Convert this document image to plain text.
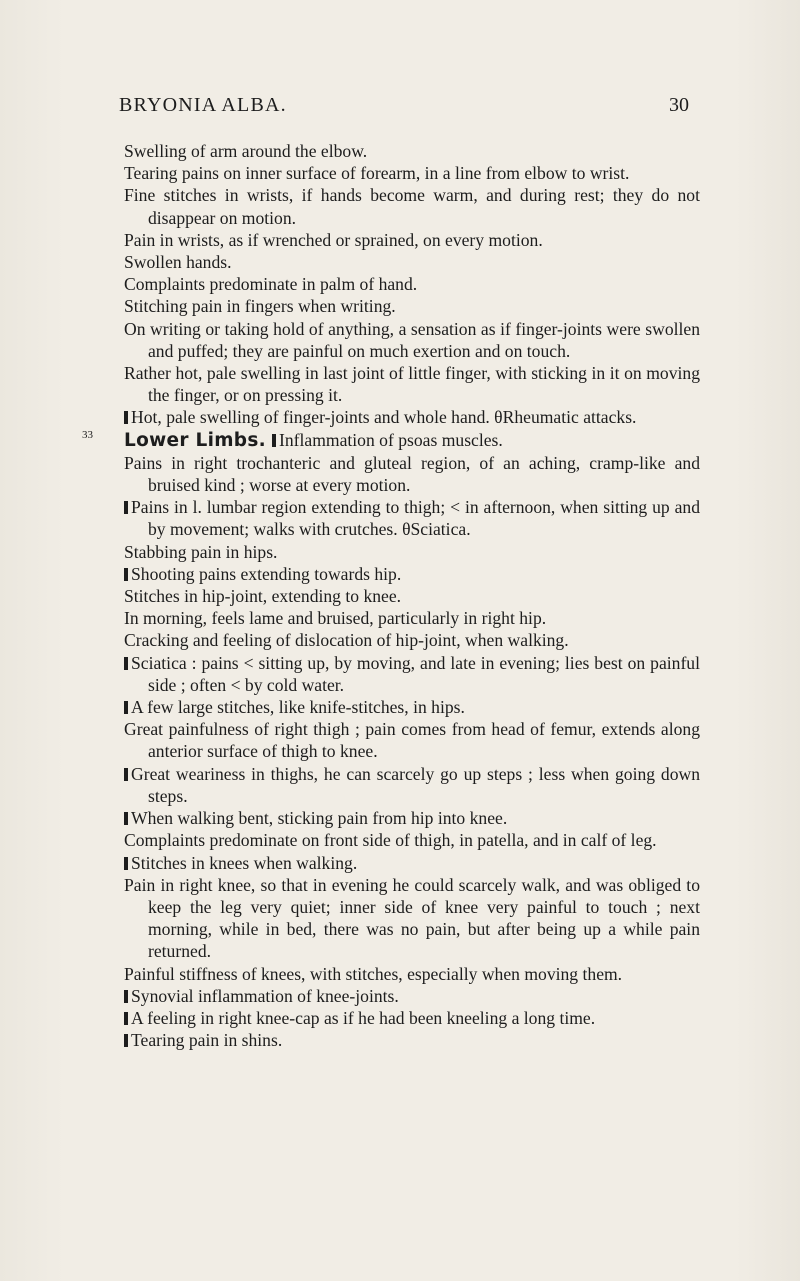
BRYONIA ALBA.	30

Swelling of arm around the elbow.

Tearing pains on inner surface of forearm, in a line from elbow to wrist.

Fine stitches in wrists, if hands become warm, and during rest; they do not disappear on motion.

Pain in wrists, as if wrenched or sprained, on every motion.

Swollen hands.

Complaints predominate in palm of hand.

Stitching pain in fingers when writing.

On writing or taking hold of anything, a sensation as if finger-joints were swollen and puffed; they are painful on much exertion and on touch.

Rather hot, pale swelling in last joint of little finger, with sticking in it on moving the finger, or on pressing it.

Hot, pale swelling of finger-joints and whole hand. θRheumatic attacks.

33	Lower Limbs. Inflammation of psoas muscles.

Pains in right trochanteric and gluteal region, of an aching, cramp-like and bruised kind ; worse at every motion.

Pains in l. lumbar region extending to thigh; < in afternoon, when sitting up and by movement; walks with crutches. θSciatica.

Stabbing pain in hips.

Shooting pains extending towards hip.

Stitches in hip-joint, extending to knee.

In morning, feels lame and bruised, particularly in right hip.

Cracking and feeling of dislocation of hip-joint, when walking.

Sciatica : pains < sitting up, by moving, and late in evening; lies best on painful side ; often < by cold water.

A few large stitches, like knife-stitches, in hips.

Great painfulness of right thigh ; pain comes from head of femur, extends along anterior surface of thigh to knee.

Great weariness in thighs, he can scarcely go up steps ; less when going down steps.

When walking bent, sticking pain from hip into knee.

Complaints predominate on front side of thigh, in patella, and in calf of leg.

Stitches in knees when walking.

Pain in right knee, so that in evening he could scarcely walk, and was obliged to keep the leg very quiet; inner side of knee very painful to touch ; next morning, while in bed, there was no pain, but after being up a while pain returned.

Painful stiffness of knees, with stitches, especially when moving them.

Synovial inflammation of knee-joints.

A feeling in right knee-cap as if he had been kneeling a long time.

Tearing pain in shins.
